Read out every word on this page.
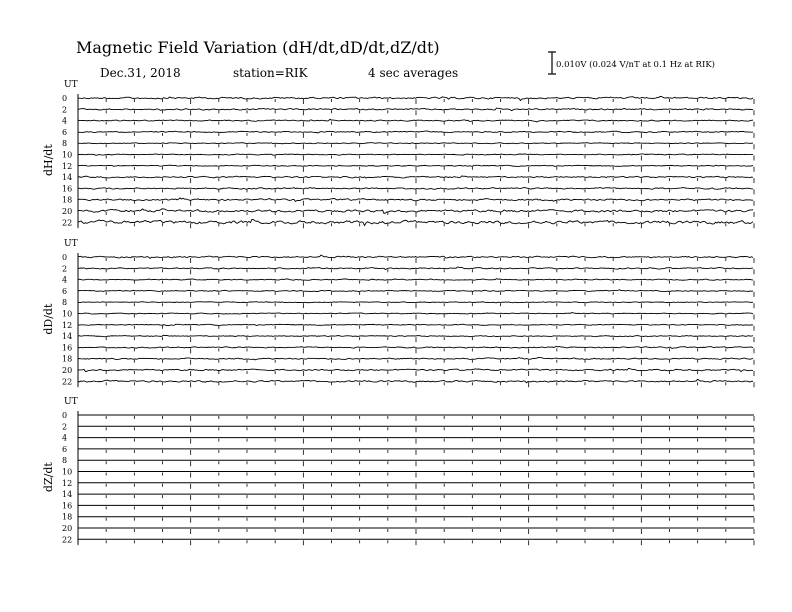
Magnetic Field Variation (dH/dt,dD/dt,dZ/dt)
Dec.31, 2018	station=RIK	4 sec averages
0.010V (0.024 V/nT at 0.1 Hz at RIK)
UT
dH/dt
0
2
4
6
8
10
12
14
16
18
20
22
UT
dD/dt
0
2
4
6
8
10
12
14
16
18
20
22
UT
dZ/dt
0
2
4
6
8
10
12
14
16
18
20
22
